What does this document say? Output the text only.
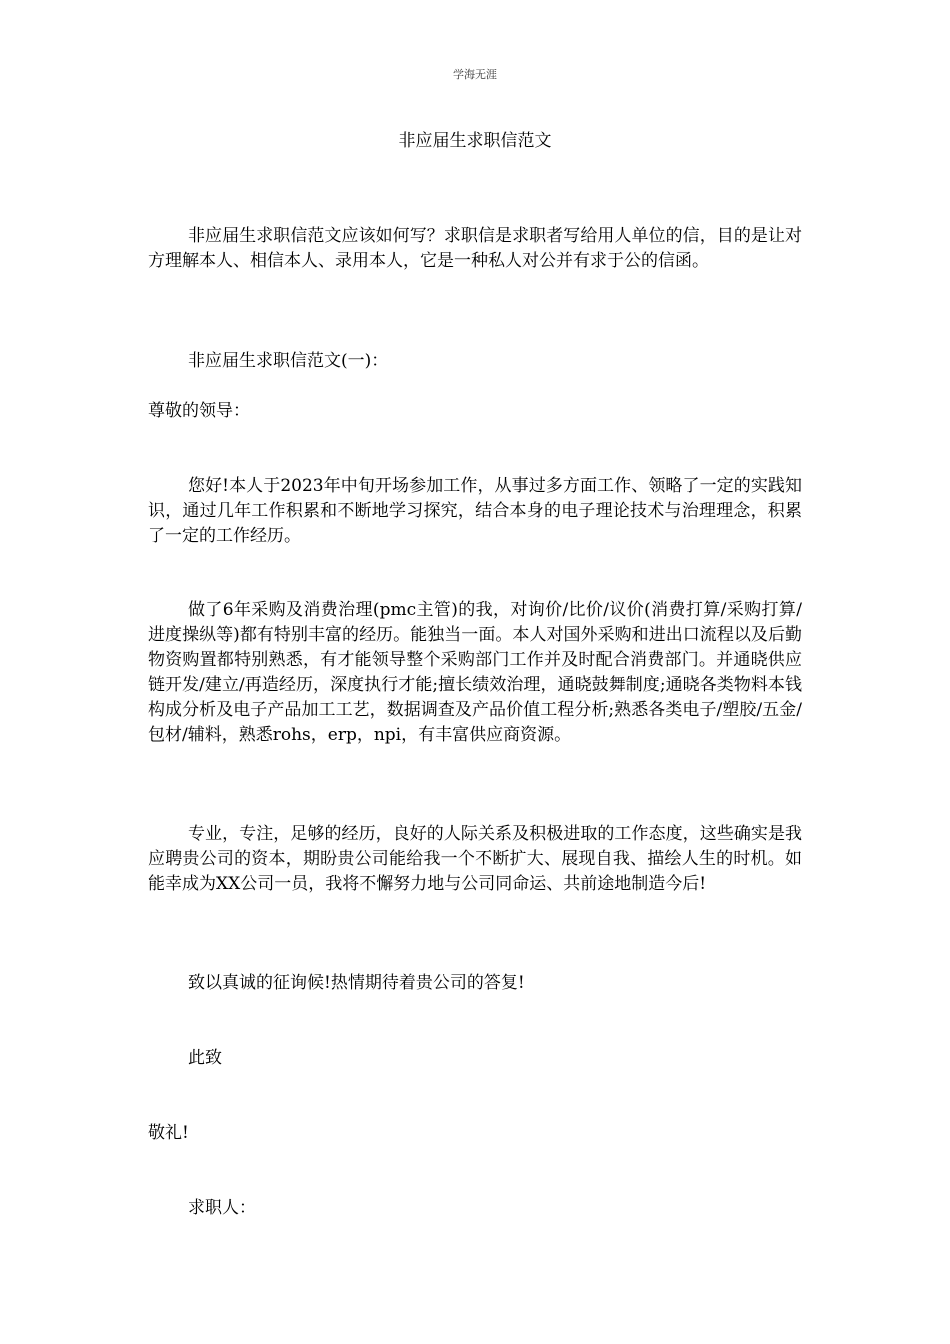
学海无涯
非应届生求职信范文

非应届生求职信范文应该如何写？求职信是求职者写给用人单位的信，目的是让对方理解本人、相信本人、录用本人，它是一种私人对公并有求于公的信函。

非应届生求职信范文(一)：

尊敬的领导：

您好!本人于2023年中旬开场参加工作，从事过多方面工作、领略了一定的实践知识，通过几年工作积累和不断地学习探究，结合本身的电子理论技术与治理理念，积累了一定的工作经历。

做了6年采购及消费治理(pmc主管)的我，对询价/比价/议价(消费打算/采购打算/进度操纵等)都有特别丰富的经历。能独当一面。本人对国外采购和进出口流程以及后勤物资购置都特别熟悉，有才能领导整个采购部门工作并及时配合消费部门。并通晓供应链开发/建立/再造经历，深度执行才能;擅长绩效治理，通晓鼓舞制度;通晓各类物料本钱构成分析及电子产品加工工艺，数据调查及产品价值工程分析;熟悉各类电子/塑胶/五金/包材/辅料，熟悉rohs，erp，npi，有丰富供应商资源。

专业，专注，足够的经历，良好的人际关系及积极进取的工作态度，这些确实是我应聘贵公司的资本，期盼贵公司能给我一个不断扩大、展现自我、描绘人生的时机。如能幸成为XX公司一员，我将不懈努力地与公司同命运、共前途地制造今后!

致以真诚的征询候!热情期待着贵公司的答复!

此致

敬礼!

求职人：
